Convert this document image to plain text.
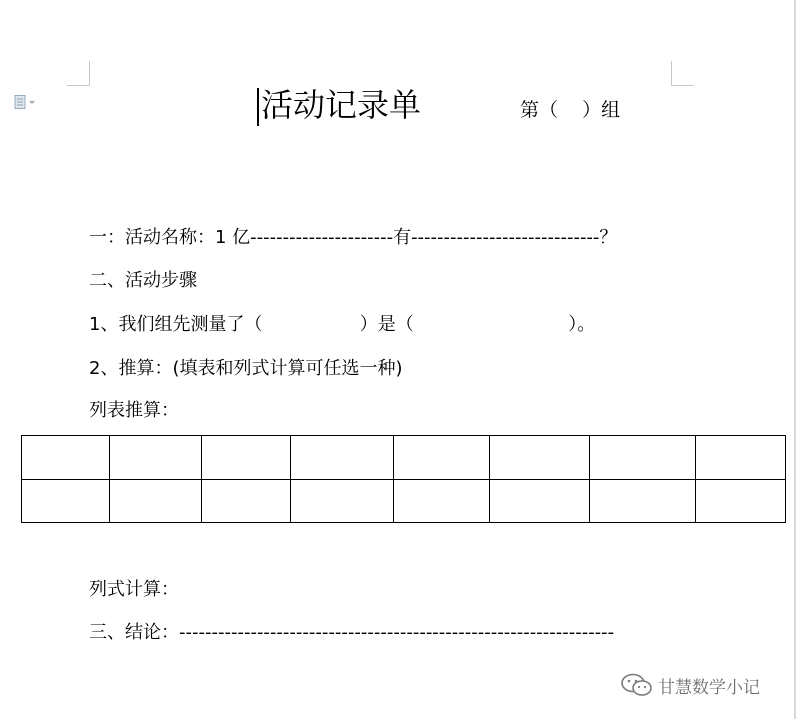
活动记录单	第（    ）组
一：活动名称：1 亿----------------------有-----------------------------？
二、活动步骤
1、我们组先测量了（                 ）是（                           ）。
2、推算：(填表和列式计算可任选一种)
列表推算：

列式计算：
三、结论：-------------------------------------------------------------------
甘慧数学小记
